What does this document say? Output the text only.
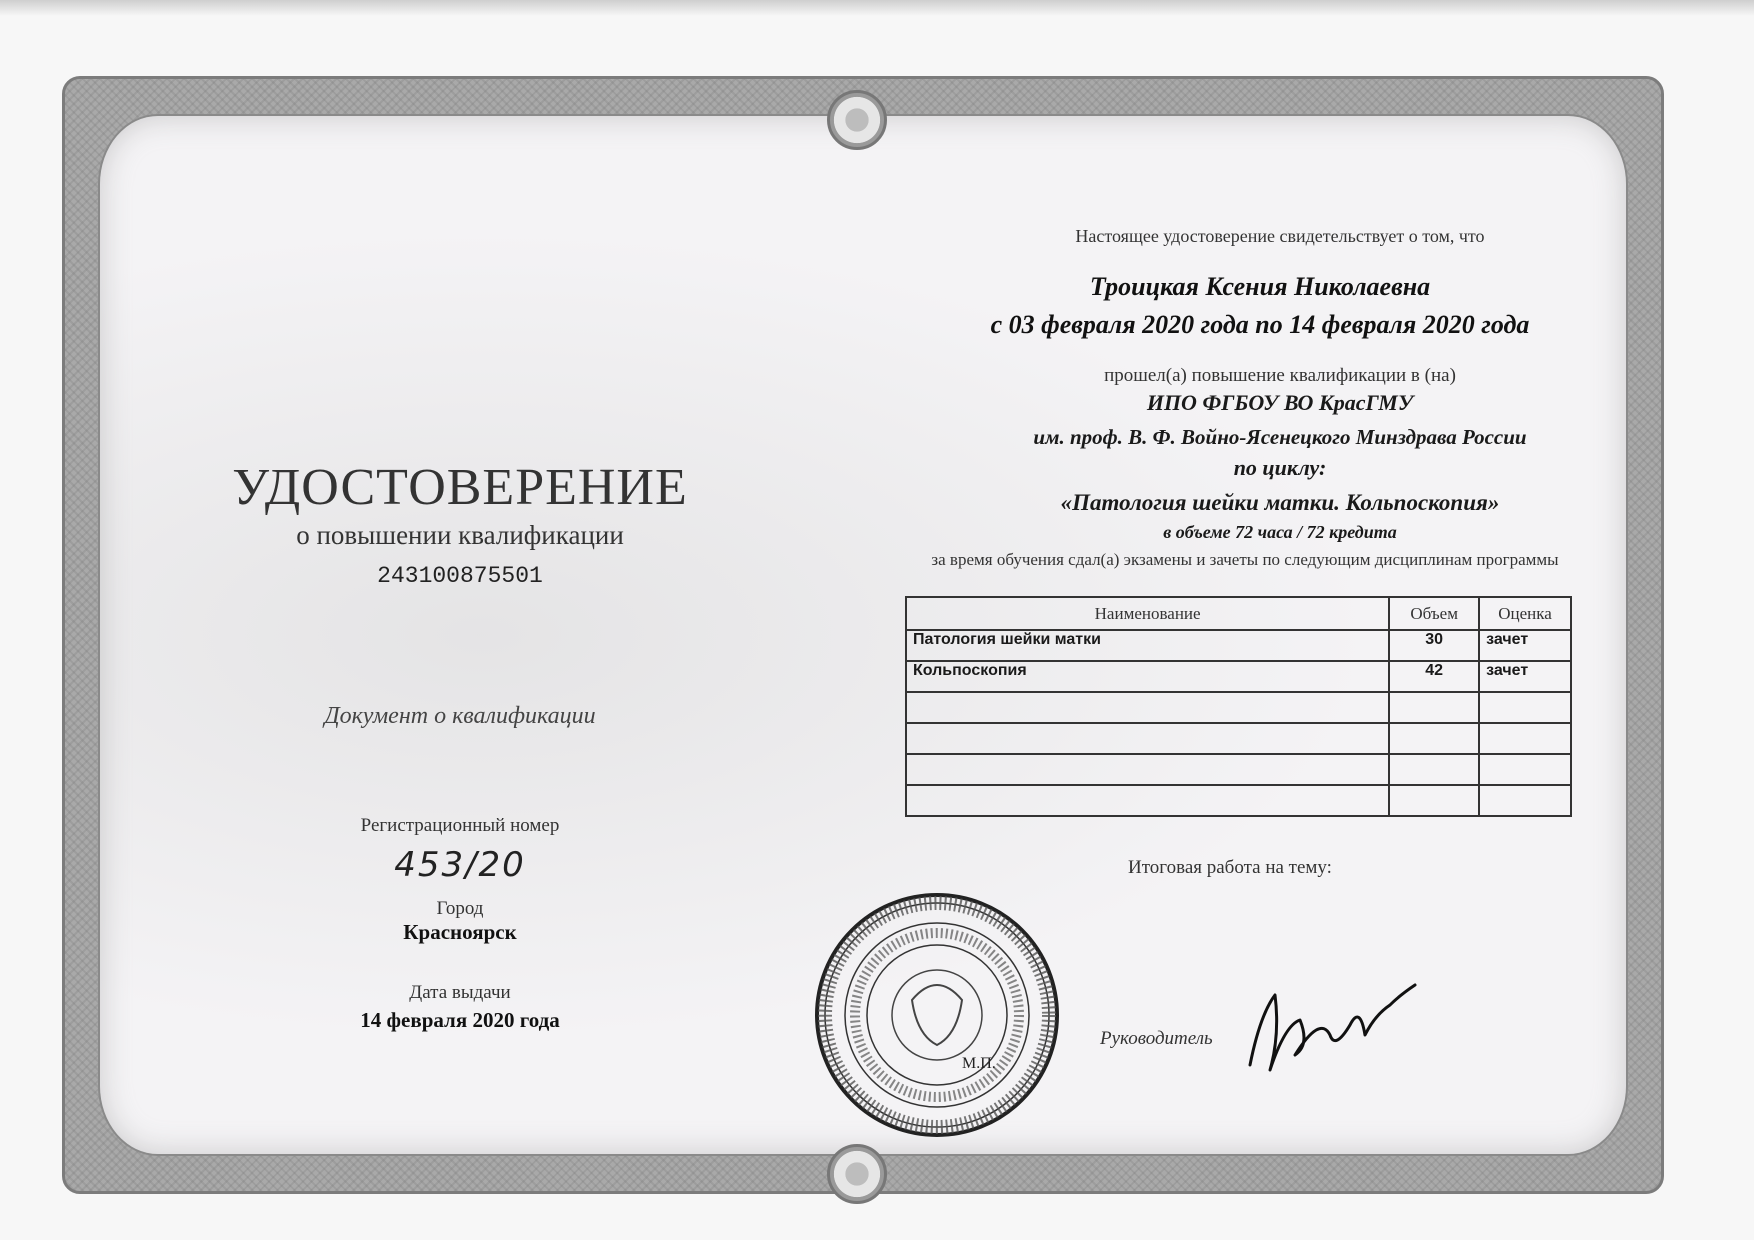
УДОСТОВЕРЕНИЕ
о повышении квалификации
243100875501
Документ о квалификации
Регистрационный номер
453/20
Город
Красноярск
Дата выдачи
14 февраля 2020 года
Настоящее удостоверение свидетельствует о том, что
Троицкая Ксения Николаевна
с 03 февраля 2020 года по 14 февраля 2020 года
прошел(а) повышение квалификации в (на)
ИПО ФГБОУ ВО КрасГМУ
им. проф. В. Ф. Войно-Ясенецкого Минздрава России
по циклу:
«Патология шейки матки. Кольпоскопия»
в объеме 72 часа / 72 кредита
за время обучения сдал(а) экзамены и зачеты по следующим дисциплинам программы
Наименование	Объем	Оценка
Патология шейки матки	30	зачет
Кольпоскопия	42	зачет

Итоговая работа на тему:
М.П.
Руководитель
